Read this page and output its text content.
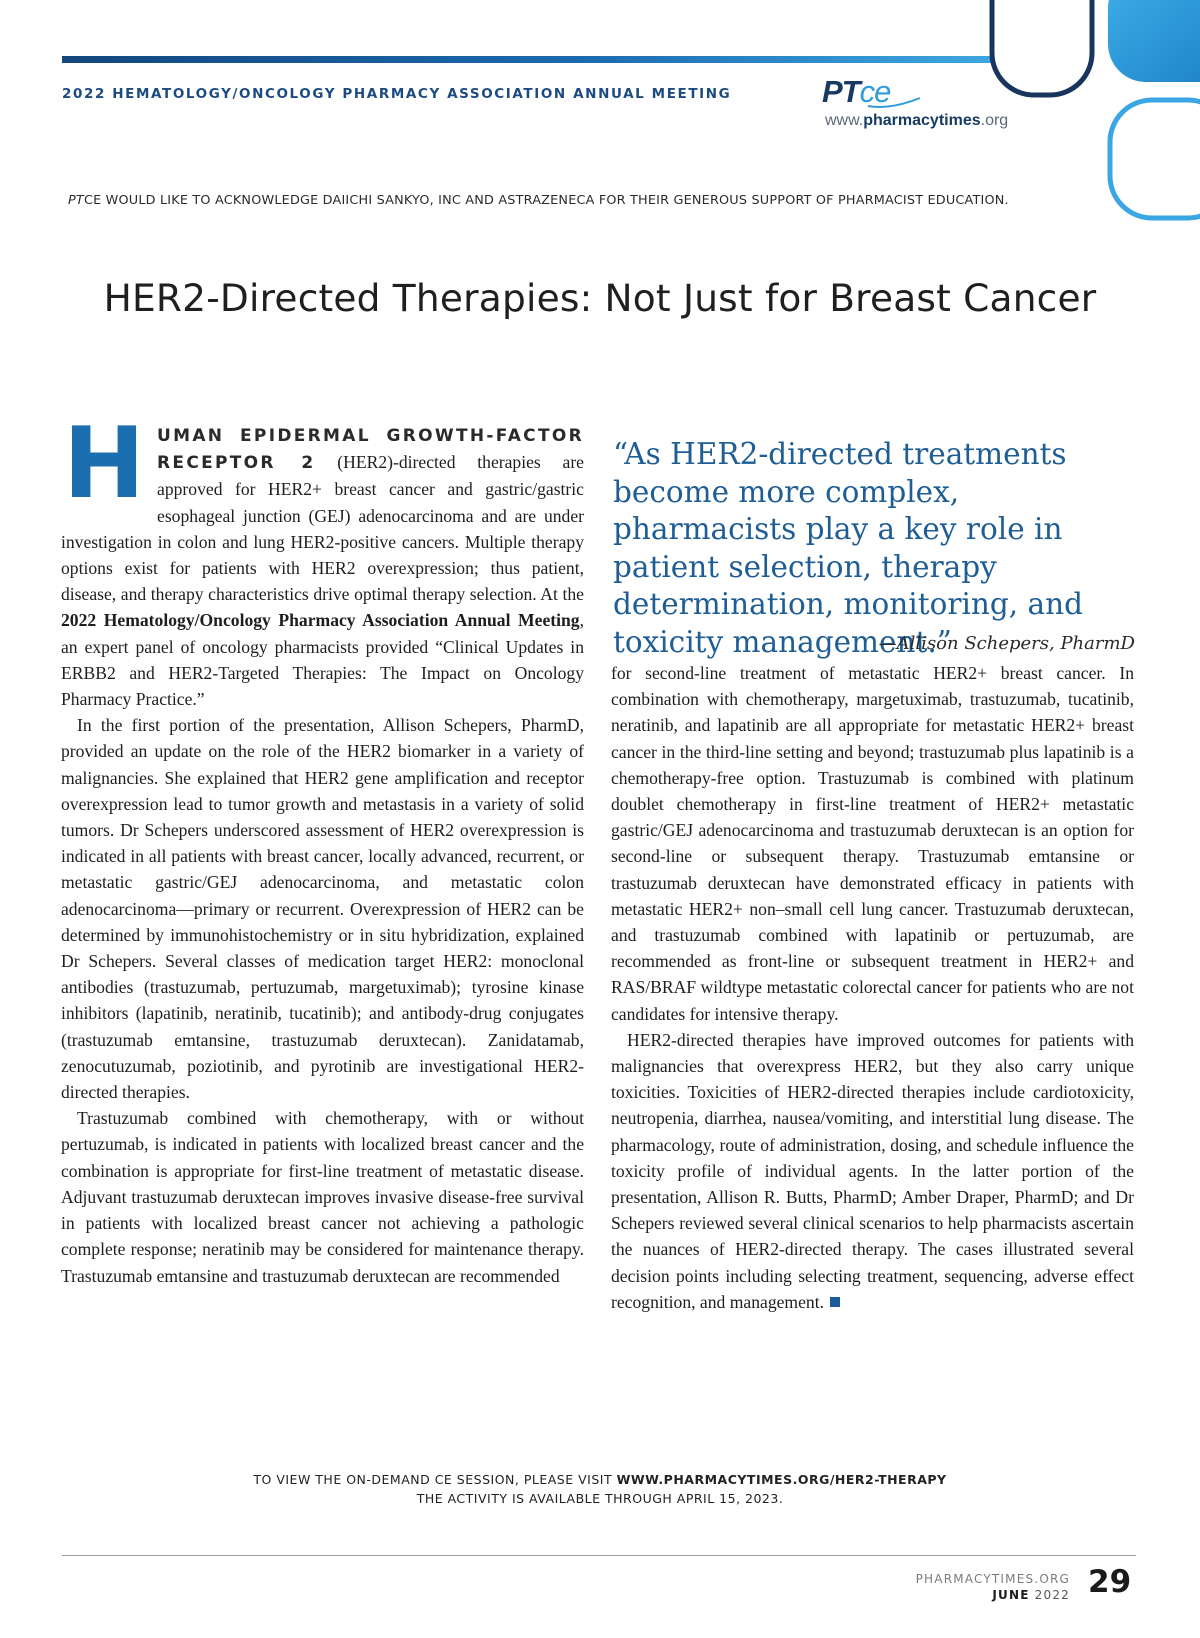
2022 HEMATOLOGY/ONCOLOGY PHARMACY ASSOCIATION ANNUAL MEETING	PTce
www.pharmacytimes.org
PTCE WOULD LIKE TO ACKNOWLEDGE DAIICHI SANKYO, INC AND ASTRAZENECA FOR THEIR GENEROUS SUPPORT OF PHARMACIST EDUCATION.
HER2-Directed Therapies: Not Just for Breast Cancer

HUMAN EPIDERMAL GROWTH-FACTOR RECEPTOR 2 (HER2)-directed therapies are approved for HER2+ breast cancer and gastric/gastric esophageal junction (GEJ) adenocarcinoma and are under investigation in colon and lung HER2-positive cancers. Multiple therapy options exist for patients with HER2 overexpression; thus patient, disease, and therapy characteristics drive optimal therapy selection. At the 2022 Hematology/Oncology Pharmacy Association Annual Meeting, an expert panel of oncology pharmacists provided “Clinical Updates in ERBB2 and HER2-Targeted Therapies: The Impact on Oncology Pharmacy Practice.”

In the first portion of the presentation, Allison Schepers, PharmD, provided an update on the role of the HER2 biomarker in a variety of malignancies. She explained that HER2 gene amplification and receptor overexpression lead to tumor growth and metastasis in a variety of solid tumors. Dr Schepers underscored assessment of HER2 overexpression is indicated in all patients with breast cancer, locally advanced, recurrent, or metastatic gastric/GEJ adenocarcinoma, and metastatic colon adenocarcinoma—primary or recurrent. Overexpression of HER2 can be determined by immunohistochemistry or in situ hybridization, explained Dr Schepers. Several classes of medication target HER2: monoclonal antibodies (trastuzumab, pertuzumab, margetuximab); tyrosine kinase inhibitors (lapatinib, neratinib, tucatinib); and antibody-drug conjugates (trastuzumab emtansine, trastuzumab deruxtecan). Zanidatamab, zenocutuzumab, poziotinib, and pyrotinib are investigational HER2-directed therapies.

Trastuzumab combined with chemotherapy, with or without pertuzumab, is indicated in patients with localized breast cancer and the combination is appropriate for first-line treatment of metastatic disease. Adjuvant trastuzumab deruxtecan improves invasive disease-free survival in patients with localized breast cancer not achieving a pathologic complete response; neratinib may be considered for maintenance therapy. Trastuzumab emtansine and trastuzumab deruxtecan are recommended

“As HER2-directed treatments become more complex, pharmacists play a key role in patient selection, therapy determination, monitoring, and toxicity management.”
—Allison Schepers, PharmD

for second-line treatment of metastatic HER2+ breast cancer. In combination with chemotherapy, margetuximab, trastuzumab, tucatinib, neratinib, and lapatinib are all appropriate for metastatic HER2+ breast cancer in the third-line setting and beyond; trastuzumab plus lapatinib is a chemotherapy-free option. Trastuzumab is combined with platinum doublet chemotherapy in first-line treatment of HER2+ metastatic gastric/GEJ adenocarcinoma and trastuzumab deruxtecan is an option for second-line or subsequent therapy. Trastuzumab emtansine or trastuzumab deruxtecan have demonstrated efficacy in patients with metastatic HER2+ non–small cell lung cancer. Trastuzumab deruxtecan, and trastuzumab combined with lapatinib or pertuzumab, are recommended as front-line or subsequent treatment in HER2+ and RAS/BRAF wildtype metastatic colorectal cancer for patients who are not candidates for intensive therapy.

HER2-directed therapies have improved outcomes for patients with malignancies that overexpress HER2, but they also carry unique toxicities. Toxicities of HER2-directed therapies include cardiotoxicity, neutropenia, diarrhea, nausea/vomiting, and interstitial lung disease. The pharmacology, route of administration, dosing, and schedule influence the toxicity profile of individual agents. In the latter portion of the presentation, Allison R. Butts, PharmD; Amber Draper, PharmD; and Dr Schepers reviewed several clinical scenarios to help pharmacists ascertain the nuances of HER2-directed therapy. The cases illustrated several decision points including selecting treatment, sequencing, adverse effect recognition, and management.

TO VIEW THE ON-DEMAND CE SESSION, PLEASE VISIT WWW.PHARMACYTIMES.ORG/HER2-THERAPY
THE ACTIVITY IS AVAILABLE THROUGH APRIL 15, 2023.
PHARMACYTIMES.ORG
JUNE 2022 29
